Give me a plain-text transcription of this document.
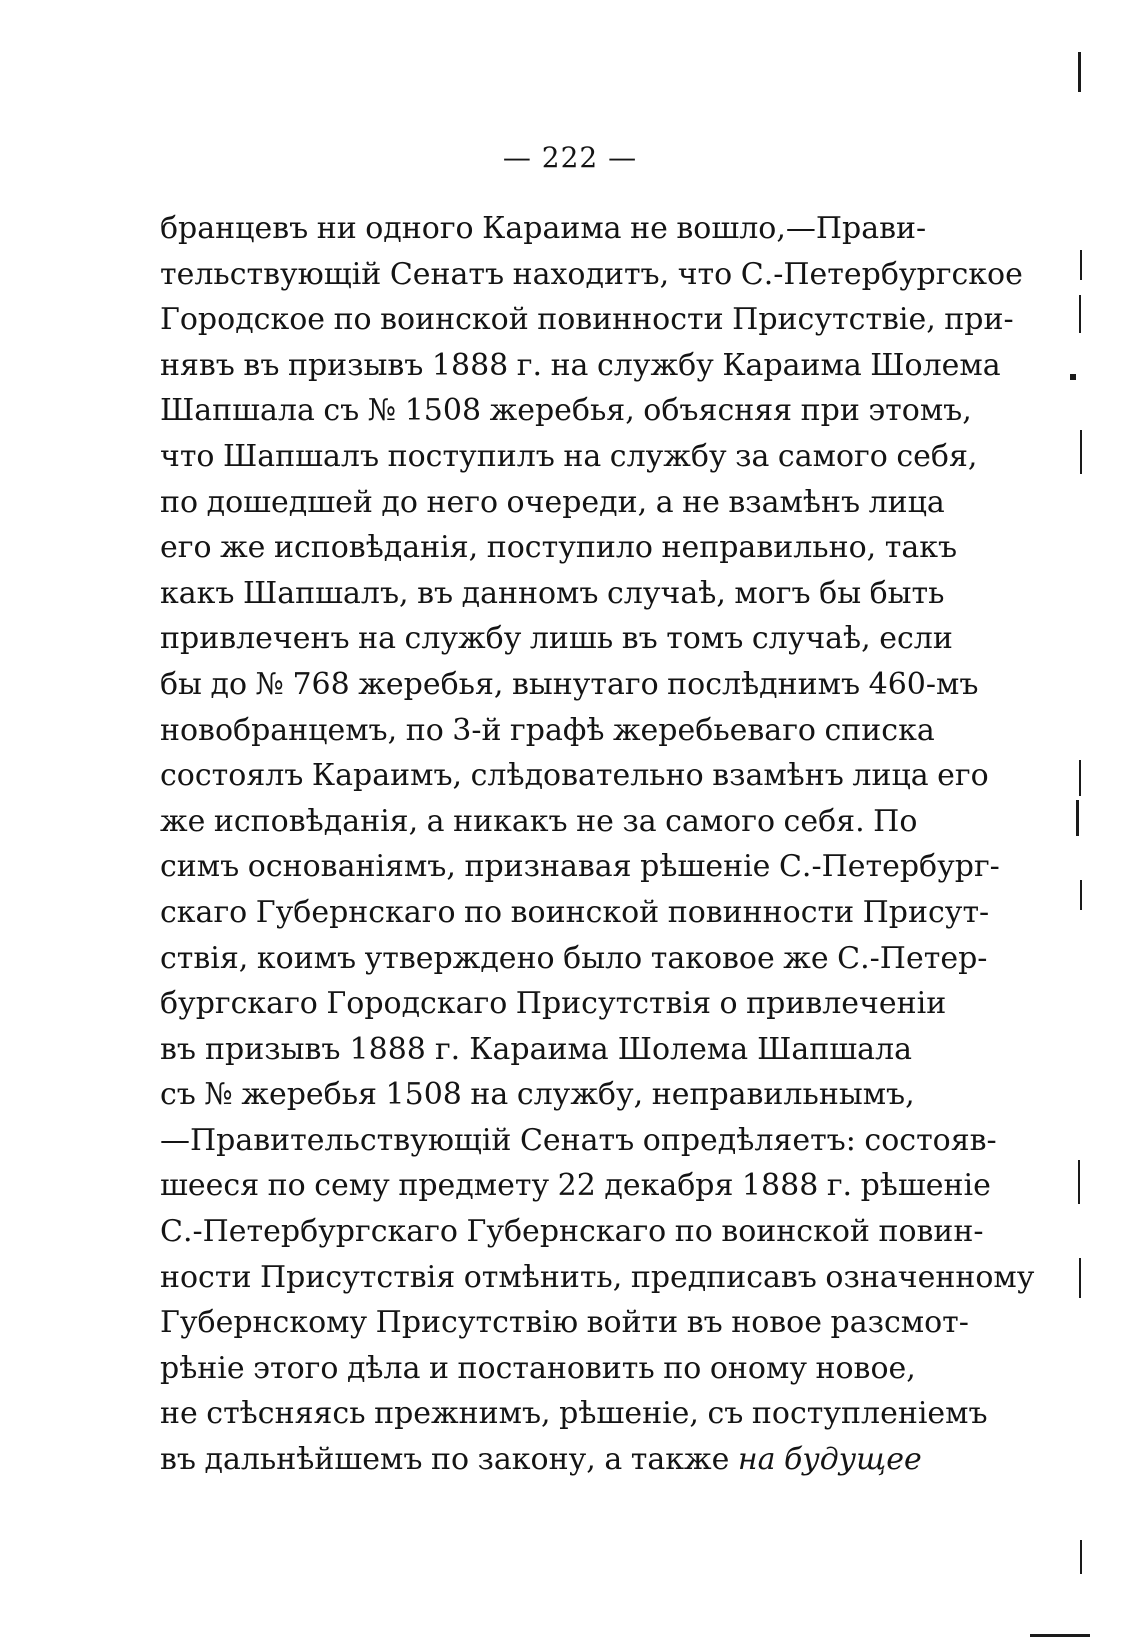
— 222 —
бранцевъ ни одного Караима не вошло,—Прави-
тельствующій Сенатъ находитъ, что С.-Петербургское
Городское по воинской повинности Присутствіе, при-
нявъ въ призывъ 1888 г. на службу Караима Шолема
Шапшала съ № 1508 жеребья, объясняя при этомъ,
что Шапшалъ поступилъ на службу за самого себя,
по дошедшей до него очереди, а не взамѣнъ лица
его же исповѣданія, поступило неправильно, такъ
какъ Шапшалъ, въ данномъ случаѣ, могъ бы быть
привлеченъ на службу лишь въ томъ случаѣ, если
бы до № 768 жеребья, вынутаго послѣднимъ 460-мъ
новобранцемъ, по 3-й графѣ жеребьеваго списка
состоялъ Караимъ, слѣдовательно взамѣнъ лица его
же исповѣданія, а никакъ не за самого себя. По
симъ основаніямъ, признавая рѣшеніе С.-Петербург-
скаго Губернскаго по воинской повинности Присут-
ствія, коимъ утверждено было таковое же С.-Петер-
бургскаго Городскаго Присутствія о привлеченіи
въ призывъ 1888 г. Караима Шолема Шапшала
съ № жеребья 1508 на службу, неправильнымъ,
—Правительствующій Сенатъ опредѣляетъ: состояв-
шееся по сему предмету 22 декабря 1888 г. рѣшеніе
С.-Петербургскаго Губернскаго по воинской повин-
ности Присутствія отмѣнить, предписавъ означенному
Губернскому Присутствію войти въ новое разсмот-
рѣніе этого дѣла и постановить по оному новое,
не стѣсняясь прежнимъ, рѣшеніе, съ поступленіемъ
въ дальнѣйшемъ по закону, а также на будущее
